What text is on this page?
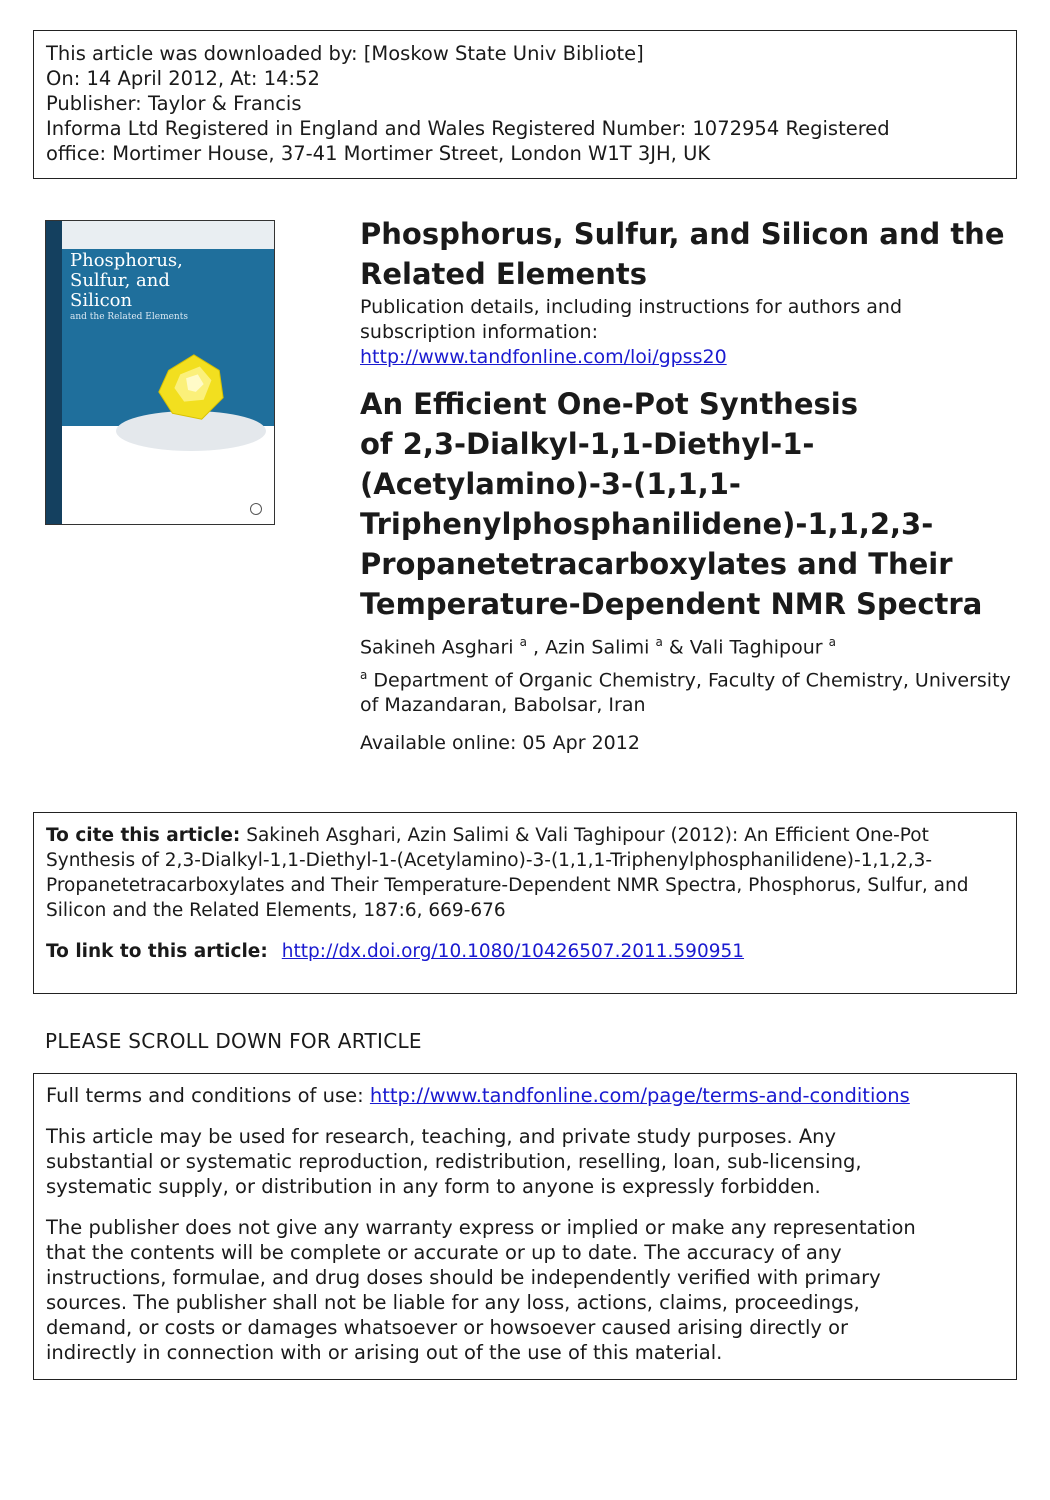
This article was downloaded by: [Moskow State Univ Bibliote]
On: 14 April 2012, At: 14:52
Publisher: Taylor & Francis
Informa Ltd Registered in England and Wales Registered Number: 1072954 Registered
office: Mortimer House, 37-41 Mortimer Street, London W1T 3JH, UK
Phosphorus,
Sulfur, and
Silicon
and the Related Elements
Phosphorus, Sulfur, and Silicon and the
Related Elements
Publication details, including instructions for authors and
subscription information:
http://www.tandfonline.com/loi/gpss20
An Efficient One-Pot Synthesis
of 2,3-Dialkyl-1,1-Diethyl-1-
(Acetylamino)-3-(1,1,1-
Triphenylphosphanilidene)-1,1,2,3-
Propanetetracarboxylates and Their
Temperature-Dependent NMR Spectra
Sakineh Asghari $^a$ , Azin Salimi $^a$ & Vali Taghipour $^a$
$^a$ Department of Organic Chemistry, Faculty of Chemistry, University
of Mazandaran, Babolsar, Iran
Available online: 05 Apr 2012
To cite this article: Sakineh Asghari, Azin Salimi & Vali Taghipour (2012): An Efficient One-Pot
Synthesis of 2,3-Dialkyl-1,1-Diethyl-1-(Acetylamino)-3-(1,1,1-Triphenylphosphanilidene)-1,1,2,3-
Propanetetracarboxylates and Their Temperature-Dependent NMR Spectra, Phosphorus, Sulfur, and
Silicon and the Related Elements, 187:6, 669-676
To link to this article: http://dx.doi.org/10.1080/10426507.2011.590951
PLEASE SCROLL DOWN FOR ARTICLE
Full terms and conditions of use: http://www.tandfonline.com/page/terms-and-conditions
This article may be used for research, teaching, and private study purposes. Any
substantial or systematic reproduction, redistribution, reselling, loan, sub-licensing,
systematic supply, or distribution in any form to anyone is expressly forbidden.
The publisher does not give any warranty express or implied or make any representation
that the contents will be complete or accurate or up to date. The accuracy of any
instructions, formulae, and drug doses should be independently verified with primary
sources. The publisher shall not be liable for any loss, actions, claims, proceedings,
demand, or costs or damages whatsoever or howsoever caused arising directly or
indirectly in connection with or arising out of the use of this material.
